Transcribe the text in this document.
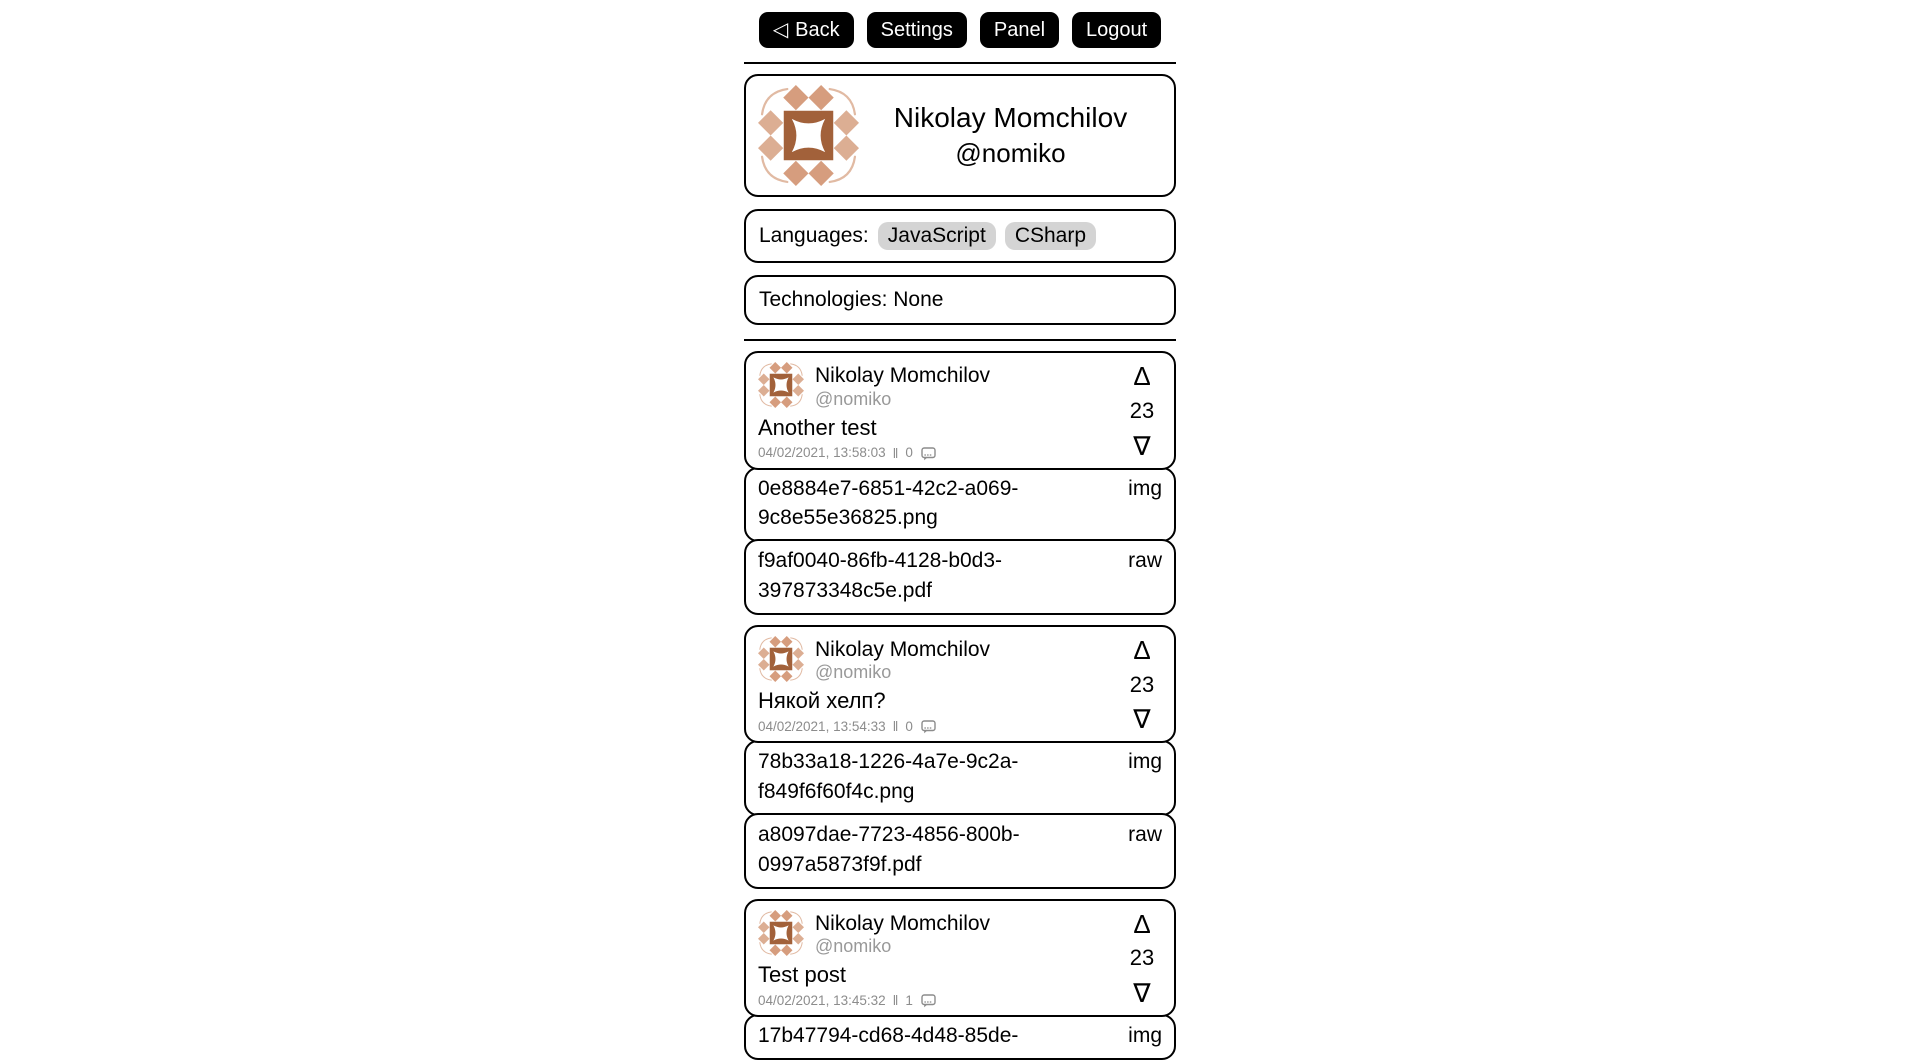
◁ Back Settings Panel Logout
Nikolay Momchilov
@nomiko
Languages: JavaScript	CSharp
Technologies: None
Nikolay Momchilov
@nomiko
Another test
04/02/2021, 13:58:03 ‖ 0
Δ
23
∇
0e8884e7-6851-42c2-a069-9c8e55e36825.png
img
f9af0040-86fb-4128-b0d3-397873348c5e.pdf
raw
Nikolay Momchilov
@nomiko
Някой хелп?
04/02/2021, 13:54:33 ‖ 0
Δ
23
∇
78b33a18-1226-4a7e-9c2a-f849f6f60f4c.png
img
a8097dae-7723-4856-800b-0997a5873f9f.pdf
raw
Nikolay Momchilov
@nomiko
Test post
04/02/2021, 13:45:32 ‖ 1
Δ
23
∇
17b47794-cd68-4d48-85de-	img
